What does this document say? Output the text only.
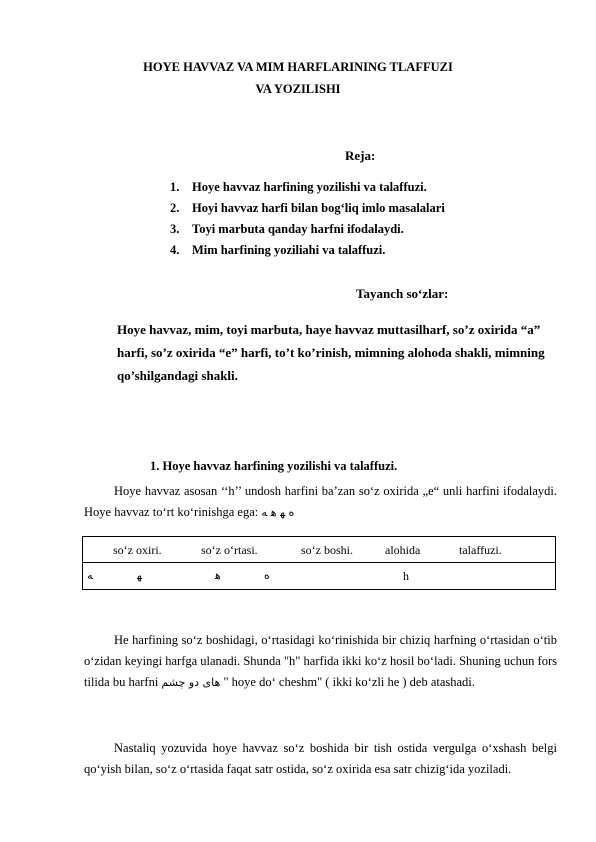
HOYE HAVVAZ VA MIM HARFLARINING TLAFFUZI
VA YOZILISHI
Reja:
1. Hoye havvaz harfining yozilishi va talaffuzi.
2. Hoyi havvaz harfi bilan bog‘liq imlo masalalari
3. Toyi marbuta qanday harfni ifodalaydi.
4. Mim harfining yoziliahi va talaffuzi.
Tayanch so‘zlar:
Hoye havvaz, mim, toyi marbuta, haye havvaz muttasilharf, so’z oxirida “a” harfi, so’z oxirida “e” harfi, to’t ko’rinish, mimning alohoda shakli, mimning qo’shilgandagi shakli.
1. Hoye havvaz harfining yozilishi va talaffuzi.
Hoye havvaz asosan ‘‘h’’ undosh harfini ba’zan so‘z oxirida „e“ unli harfini ifodalaydi. Hoye havvaz to‘rt ko‘rinishga ega: ه ﻬ ﻫ ﻪ
so‘z oxiri.	so‘z o‘rtasi.	so‘z boshi.	alohida	talaffuzi.
ﻪ	ﻬ	ﻫ	ه	h
He harfining so‘z boshidagi, o‘rtasidagi ko‘rinishida bir chiziq harfning o‘rtasidan o‘tib o‘zidan keyingi harfga ulanadi. Shunda "h" harfida ikki ko‘z hosil bo‘ladi. Shuning uchun fors tilida bu harfni های دو چشم " hoye do‘ cheshm" ( ikki ko‘zli he ) deb atashadi.
Nastaliq yozuvida hoye havvaz so‘z boshida bir tish ostida vergulga o‘xshash belgi qo‘yish bilan, so‘z o‘rtasida faqat satr ostida, so‘z oxirida esa satr chizig‘ida yoziladi.
